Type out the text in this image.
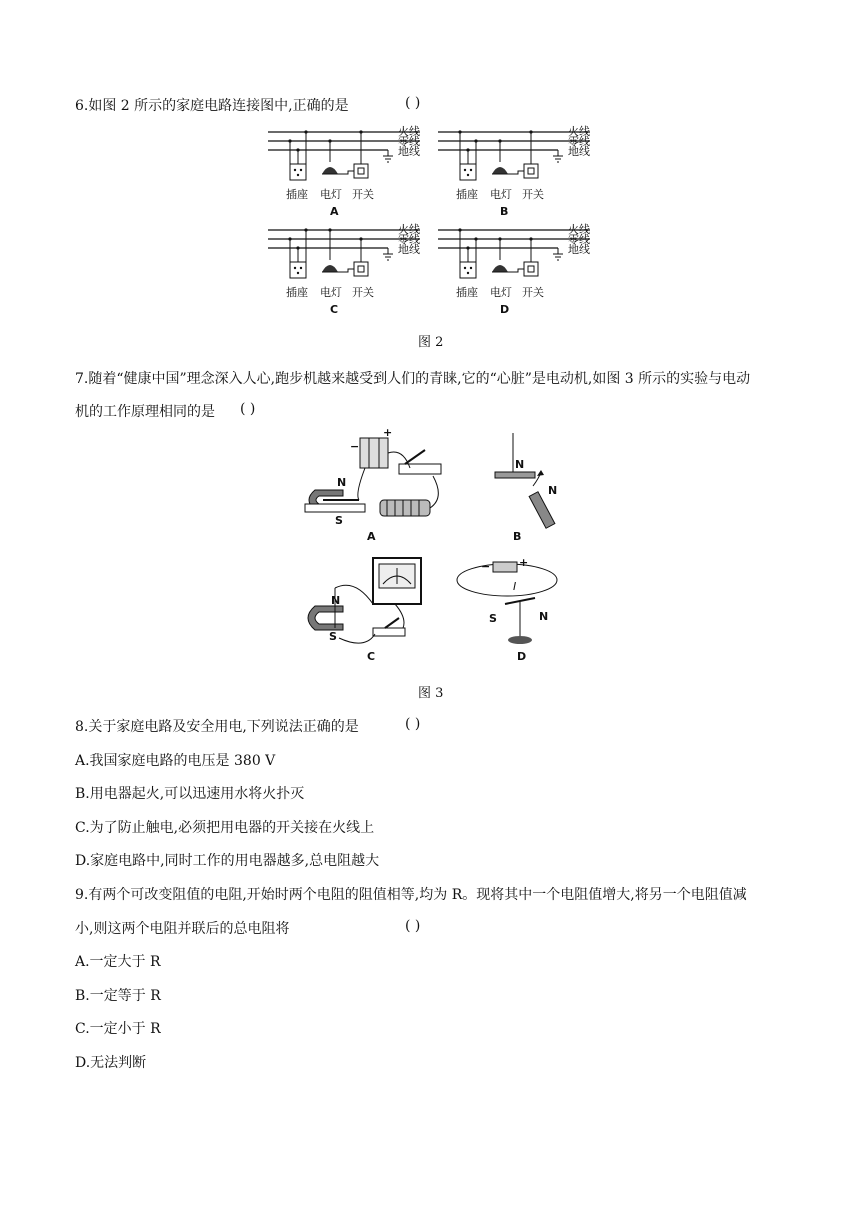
6.如图 2 所示的家庭电路连接图中,正确的是	( )
火线
零线
地线
插座 电灯 开关
A
火线
零线
地线
插座 电灯 开关
B
火线
零线
地线
插座 电灯 开关
C
火线
零线
地线
插座 电灯 开关
D
图 2
7.随着“健康中国”理念深入人心,跑步机越来越受到人们的青睐,它的“心脏”是电动机,如图 3 所示的实验与电动
机的工作原理相同的是 ( )
+
−
N
S
A
N
N
B
N
S
C
−	+
I
S	N
D
图 3
8.关于家庭电路及安全用电,下列说法正确的是	( )
A.我国家庭电路的电压是 380 V
B.用电器起火,可以迅速用水将火扑灭
C.为了防止触电,必须把用电器的开关接在火线上
D.家庭电路中,同时工作的用电器越多,总电阻越大
9.有两个可改变阻值的电阻,开始时两个电阻的阻值相等,均为 R。现将其中一个电阻值增大,将另一个电阻值减
小,则这两个电阻并联后的总电阻将	( )
A.一定大于 R
B.一定等于 R
C.一定小于 R
D.无法判断
